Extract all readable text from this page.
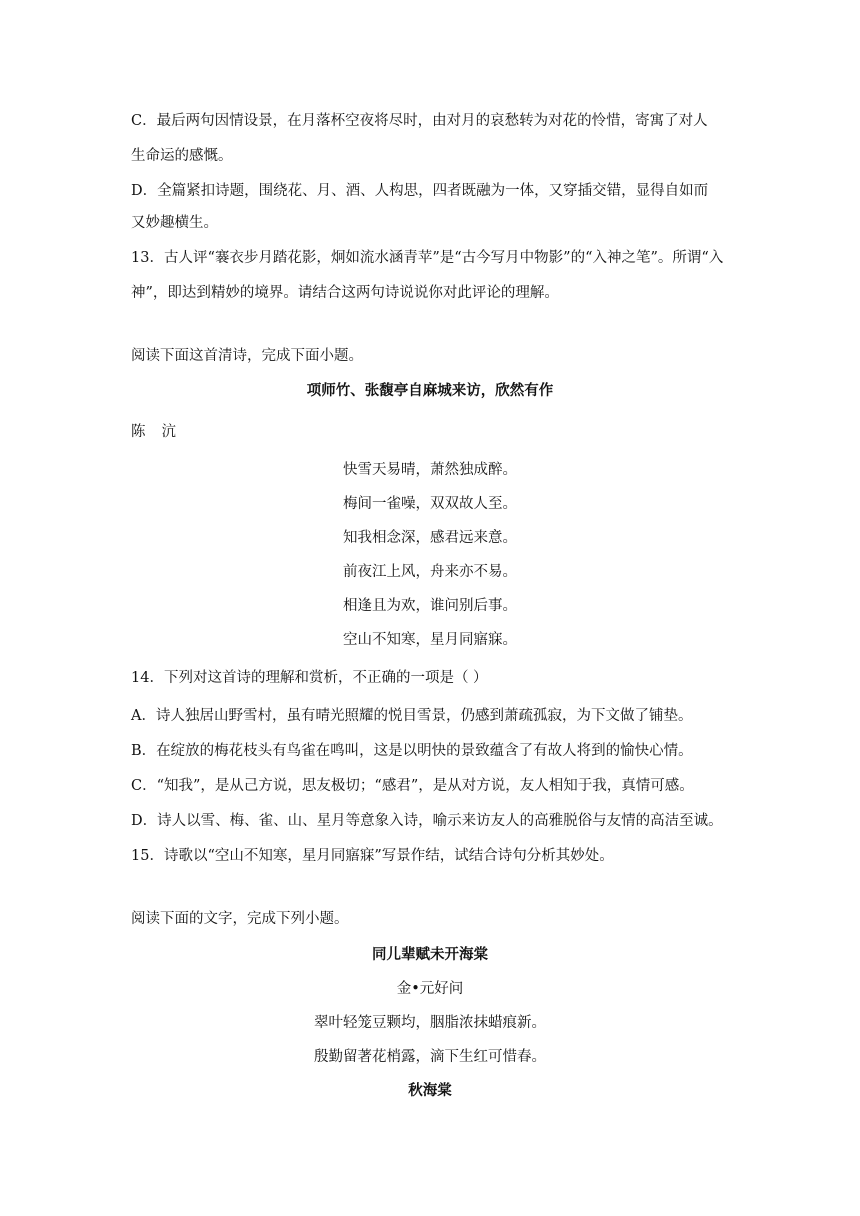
C．最后两句因情设景，在月落杯空夜将尽时，由对月的哀愁转为对花的怜惜，寄寓了对人
生命运的感慨。
D．全篇紧扣诗题，围绕花、月、酒、人构思，四者既融为一体，又穿插交错，显得自如而
又妙趣横生。
13．古人评“褰衣步月踏花影，炯如流水涵青苹”是“古今写月中物影”的“入神之笔”。所谓“入
神”，即达到精妙的境界。请结合这两句诗说说你对此评论的理解。
阅读下面这首清诗，完成下面小题。
项师竹、张馥亭自麻城来访，欣然有作
陈沆
快雪天易晴，萧然独成醉。
梅间一雀噪，双双故人至。
知我相念深，感君远来意。
前夜江上风，舟来亦不易。
相逢且为欢，谁问别后事。
空山不知寒，星月同寤寐。
14．下列对这首诗的理解和赏析，不正确的一项是（ ）
A．诗人独居山野雪村，虽有晴光照耀的悦目雪景，仍感到萧疏孤寂，为下文做了铺垫。
B．在绽放的梅花枝头有鸟雀在鸣叫，这是以明快的景致蕴含了有故人将到的愉快心情。
C．“知我”，是从己方说，思友极切；“感君”，是从对方说，友人相知于我，真情可感。
D．诗人以雪、梅、雀、山、星月等意象入诗，喻示来访友人的高雅脱俗与友情的高洁至诚。
15．诗歌以“空山不知寒，星月同寤寐”写景作结，试结合诗句分析其妙处。
阅读下面的文字，完成下列小题。
同儿辈赋未开海棠
金•元好问
翠叶轻笼豆颗均，胭脂浓抹蜡痕新。
殷勤留著花梢露，滴下生红可惜春。
秋海棠
